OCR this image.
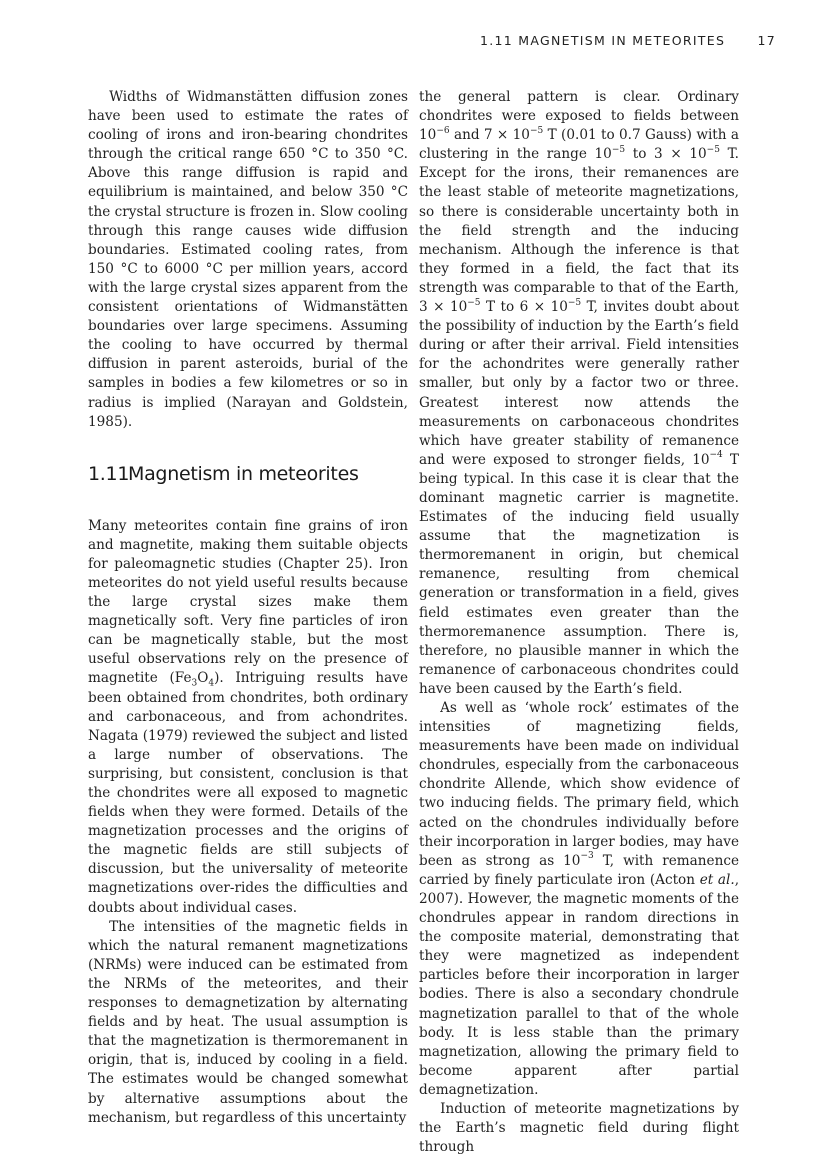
1.11 MAGNETISM IN METEORITES	17

Widths of Widmanstätten diffusion zones have been used to estimate the rates of cooling of irons and iron-bearing chondrites through the critical range 650 °C to 350 °C. Above this range diffusion is rapid and equilibrium is maintained, and below 350 °C the crystal structure is frozen in. Slow cooling through this range causes wide diffusion boundaries. Estimated cooling rates, from 150 °C to 6000 °C per million years, accord with the large crystal sizes apparent from the consistent orientations of Widmanstätten boundaries over large specimens. Assuming the cooling to have occurred by thermal diffusion in parent asteroids, burial of the samples in bodies a few kilometres or so in radius is implied (Narayan and Goldstein, 1985).

1.11Magnetism in meteorites

Many meteorites contain fine grains of iron and magnetite, making them suitable objects for paleomagnetic studies (Chapter 25). Iron meteorites do not yield useful results because the large crystal sizes make them magnetically soft. Very fine particles of iron can be magnetically stable, but the most useful observations rely on the presence of magnetite $(Fe_3O_4)$. Intriguing results have been obtained from chondrites, both ordinary and carbonaceous, and from achondrites. Nagata (1979) reviewed the subject and listed a large number of observations. The surprising, but consistent, conclusion is that the chondrites were all exposed to magnetic fields when they were formed. Details of the magnetization processes and the origins of the magnetic fields are still subjects of discussion, but the universality of meteorite magnetizations over-rides the difficulties and doubts about individual cases.

The intensities of the magnetic fields in which the natural remanent magnetizations (NRMs) were induced can be estimated from the NRMs of the meteorites, and their responses to demagnetization by alternating fields and by heat. The usual assumption is that the magnetization is thermoremanent in origin, that is, induced by cooling in a field. The estimates would be changed somewhat by alternative assumptions about the mechanism, but regardless of this uncertainty

the general pattern is clear. Ordinary chondrites were exposed to fields between $10^{-6}$ and $7 \times 10^{-5}$ T (0.01 to 0.7 Gauss) with a clustering in the range $10^{-5}$ to $3 \times 10^{-5}$ T. Except for the irons, their remanences are the least stable of meteorite magnetizations, so there is considerable uncertainty both in the field strength and the inducing mechanism. Although the inference is that they formed in a field, the fact that its strength was comparable to that of the Earth, $3 \times 10^{-5}$ T to $6 \times 10^{-5}$ T, invites doubt about the possibility of induction by the Earth’s field during or after their arrival. Field intensities for the achondrites were generally rather smaller, but only by a factor two or three. Greatest interest now attends the measurements on carbonaceous chondrites which have greater stability of remanence and were exposed to stronger fields, $10^{-4}$ T being typical. In this case it is clear that the dominant magnetic carrier is magnetite. Estimates of the inducing field usually assume that the magnetization is thermoremanent in origin, but chemical remanence, resulting from chemical generation or transformation in a field, gives field estimates even greater than the thermoremanence assumption. There is, therefore, no plausible manner in which the remanence of carbonaceous chondrites could have been caused by the Earth’s field.

As well as ‘whole rock’ estimates of the intensities of magnetizing fields, measurements have been made on individual chondrules, especially from the carbonaceous chondrite Allende, which show evidence of two inducing fields. The primary field, which acted on the chondrules individually before their incorporation in larger bodies, may have been as strong as $10^{-3}$ T, with remanence carried by finely particulate iron (Acton et al., 2007). However, the magnetic moments of the chondrules appear in random directions in the composite material, demonstrating that they were magnetized as independent particles before their incorporation in larger bodies. There is also a secondary chondrule magnetization parallel to that of the whole body. It is less stable than the primary magnetization, allowing the primary field to become apparent after partial demagnetization.

Induction of meteorite magnetizations by the Earth’s magnetic field during flight through
